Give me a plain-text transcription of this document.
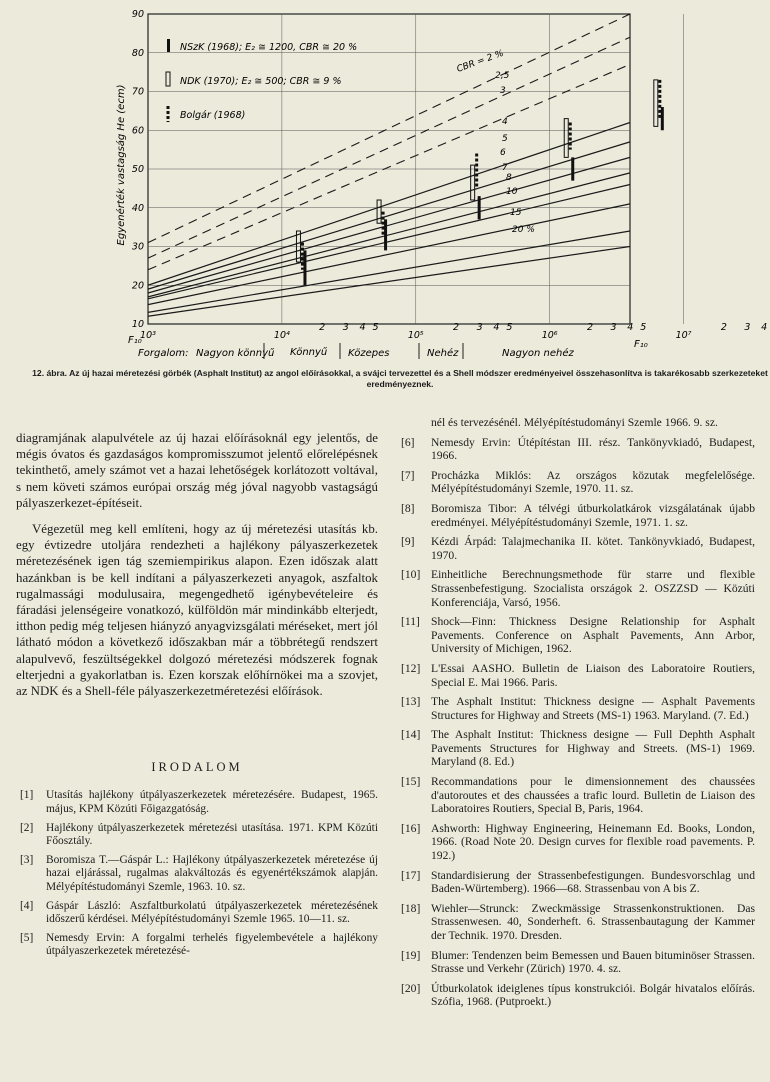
10
20
30
40
50
60
70
80
90
10³	10⁴
2 3 4 5
10⁵
2 3 4 5
10⁶
2 3 4 5
10⁷
2 3 4
CBR = 2 %
2,5
3
4
5
6
7
8
10
15
20 %
Egyenérték vastagság He (ecm)
F₁₀	F₁₀
Forgalom: Nagyon könnyű Könnyű Közepes	Nehéz	Nagyon nehéz
NSzK (1968); E₂ ≅ 1200, CBR ≅ 20 %
NDK (1970); E₂ ≅ 500; CBR ≅ 9 %
Bolgár (1968)
12. ábra. Az új hazai méretezési görbék (Asphalt Institut) az angol előírásokkal, a svájci tervezettel és a Shell módszer eredményeivel összehasonlítva is takarékosabb szerkezeteket eredményeznek.

diagramjának alapulvétele az új hazai előírásoknál egy jelentős, de mégis óvatos és gazdaságos kompromisszumot jelentő előrelépésnek tekinthető, amely számot vet a hazai lehetőségek korlátozott voltával, s nem követi számos európai ország még jóval nagyobb vastagságú pályaszerkezet-építéseit.

Végezetül meg kell említeni, hogy az új méretezési utasítás kb. egy évtizedre utoljára rendezheti a hajlékony pályaszerkezetek méretezésének igen tág szemiempirikus alapon. Ezen időszak alatt hazánkban is be kell indítani a pályaszerkezeti anyagok, aszfaltok rugalmassági modulusaira, megengedhető igénybevételeire és fáradási jelenségeire vonatkozó, külföldön már mindinkább elterjedt, itthon pedig még teljesen hiányzó anyagvizsgálati méréseket, mert jól látható módon a következő időszakban már a többrétegű rendszert alapulvevő, feszültségekkel dolgozó méretezési módszerek fognak elterjedni a gyakorlatban is. Ezen korszak előhírnökei ma a szovjet, az NDK és a Shell-féle pályaszerkezetméretezési előírások.

IRODALOM
[1] Utasítás hajlékony útpályaszerkezetek méretezésére. Budapest, 1965. május, KPM Közúti Főigazgatóság.
[2] Hajlékony útpályaszerkezetek méretezési utasítása. 1971. KPM Közúti Főosztály.
[3] Boromisza T.—Gáspár L.: Hajlékony útpályaszerkezetek méretezése új hazai eljárással, rugalmas alakváltozás és egyenértékszámok alapján. Mélyépítéstudományi Szemle, 1963. 10. sz.
[4] Gáspár László: Aszfaltburkolatú útpályaszerkezetek méretezésének időszerű kérdései. Mélyépítéstudományi Szemle 1965. 10—11. sz.
[5] Nemesdy Ervin: A forgalmi terhelés figyelembevétele a hajlékony útpályaszerkezetek méretezésé-
nél és tervezésénél. Mélyépítéstudományi Szemle 1966. 9. sz.
[6] Nemesdy Ervin: Útépítéstan III. rész. Tankönyvkiadó, Budapest, 1966.
[7] Procházka Miklós: Az országos közutak megfelelősége. Mélyépítéstudományi Szemle, 1970. 11. sz.
[8] Boromisza Tibor: A télvégi útburkolatkárok vizsgálatának újabb eredményei. Mélyépítéstudományi Szemle, 1971. 1. sz.
[9] Kézdi Árpád: Talajmechanika II. kötet. Tankönyvkiadó, Budapest, 1970.
[10] Einheitliche Berechnungsmethode für starre und flexible Strassenbefestigung. Szocialista országok 2. OSZZSD — Közúti Konferenciája, Varsó, 1956.
[11] Shock—Finn: Thickness Designe Relationship for Asphalt Pavements. Conference on Asphalt Pavements, Ann Arbor, University of Michigen, 1962.
[12] L'Essai AASHO. Bulletin de Liaison des Laboratoire Routiers, Special E. Mai 1966. Paris.
[13] The Asphalt Institut: Thickness designe — Asphalt Pavements Structures for Highway and Streets (MS-1) 1963. Maryland. (7. Ed.)
[14] The Asphalt Institut: Thickness designe — Full Dephth Asphalt Pavements Structures for Highway and Streets. (MS-1) 1969. Maryland (8. Ed.)
[15] Recommandations pour le dimensionnement des chaussées d'autoroutes et des chaussées a trafic lourd. Bulletin de Liaison des Laboratoires Routiers, Special B, Paris, 1964.
[16] Ashworth: Highway Engineering, Heinemann Ed. Books, London, 1966. (Road Note 20. Design curves for flexible road pavements. P. 192.)
[17] Standardisierung der Strassenbefestigungen. Bundesvorschlag und Baden-Würtemberg). 1966—68. Strassenbau von A bis Z.
[18] Wiehler—Strunck: Zweckmässige Strassenkonstruktionen. Das Strassenwesen. 40, Sonderheft. 6. Strassenbautagung der Kammer der Technik. 1970. Dresden.
[19] Blumer: Tendenzen beim Bemessen und Bauen bituminöser Strassen. Strasse und Verkehr (Zürich) 1970. 4. sz.
[20] Útburkolatok ideiglenes típus konstrukciói. Bolgár hivatalos előírás. Szófia, 1968. (Putproekt.)
